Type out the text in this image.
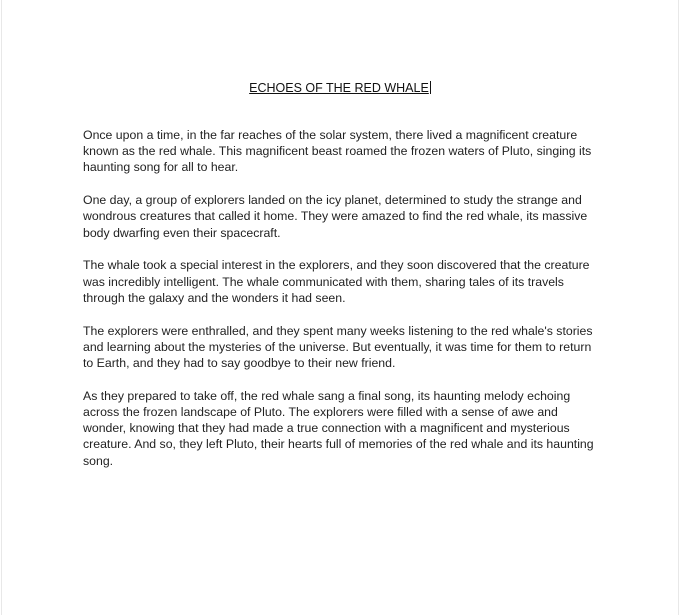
ECHOES OF THE RED WHALE

Once upon a time, in the far reaches of the solar system, there lived a magnificent creature known as the red whale. This magnificent beast roamed the frozen waters of Pluto, singing its haunting song for all to hear.

One day, a group of explorers landed on the icy planet, determined to study the strange and wondrous creatures that called it home. They were amazed to find the red whale, its massive body dwarfing even their spacecraft.

The whale took a special interest in the explorers, and they soon discovered that the creature was incredibly intelligent. The whale communicated with them, sharing tales of its travels through the galaxy and the wonders it had seen.

The explorers were enthralled, and they spent many weeks listening to the red whale's stories and learning about the mysteries of the universe. But eventually, it was time for them to return to Earth, and they had to say goodbye to their new friend.

As they prepared to take off, the red whale sang a final song, its haunting melody echoing across the frozen landscape of Pluto. The explorers were filled with a sense of awe and wonder, knowing that they had made a true connection with a magnificent and mysterious creature. And so, they left Pluto, their hearts full of memories of the red whale and its haunting song.
